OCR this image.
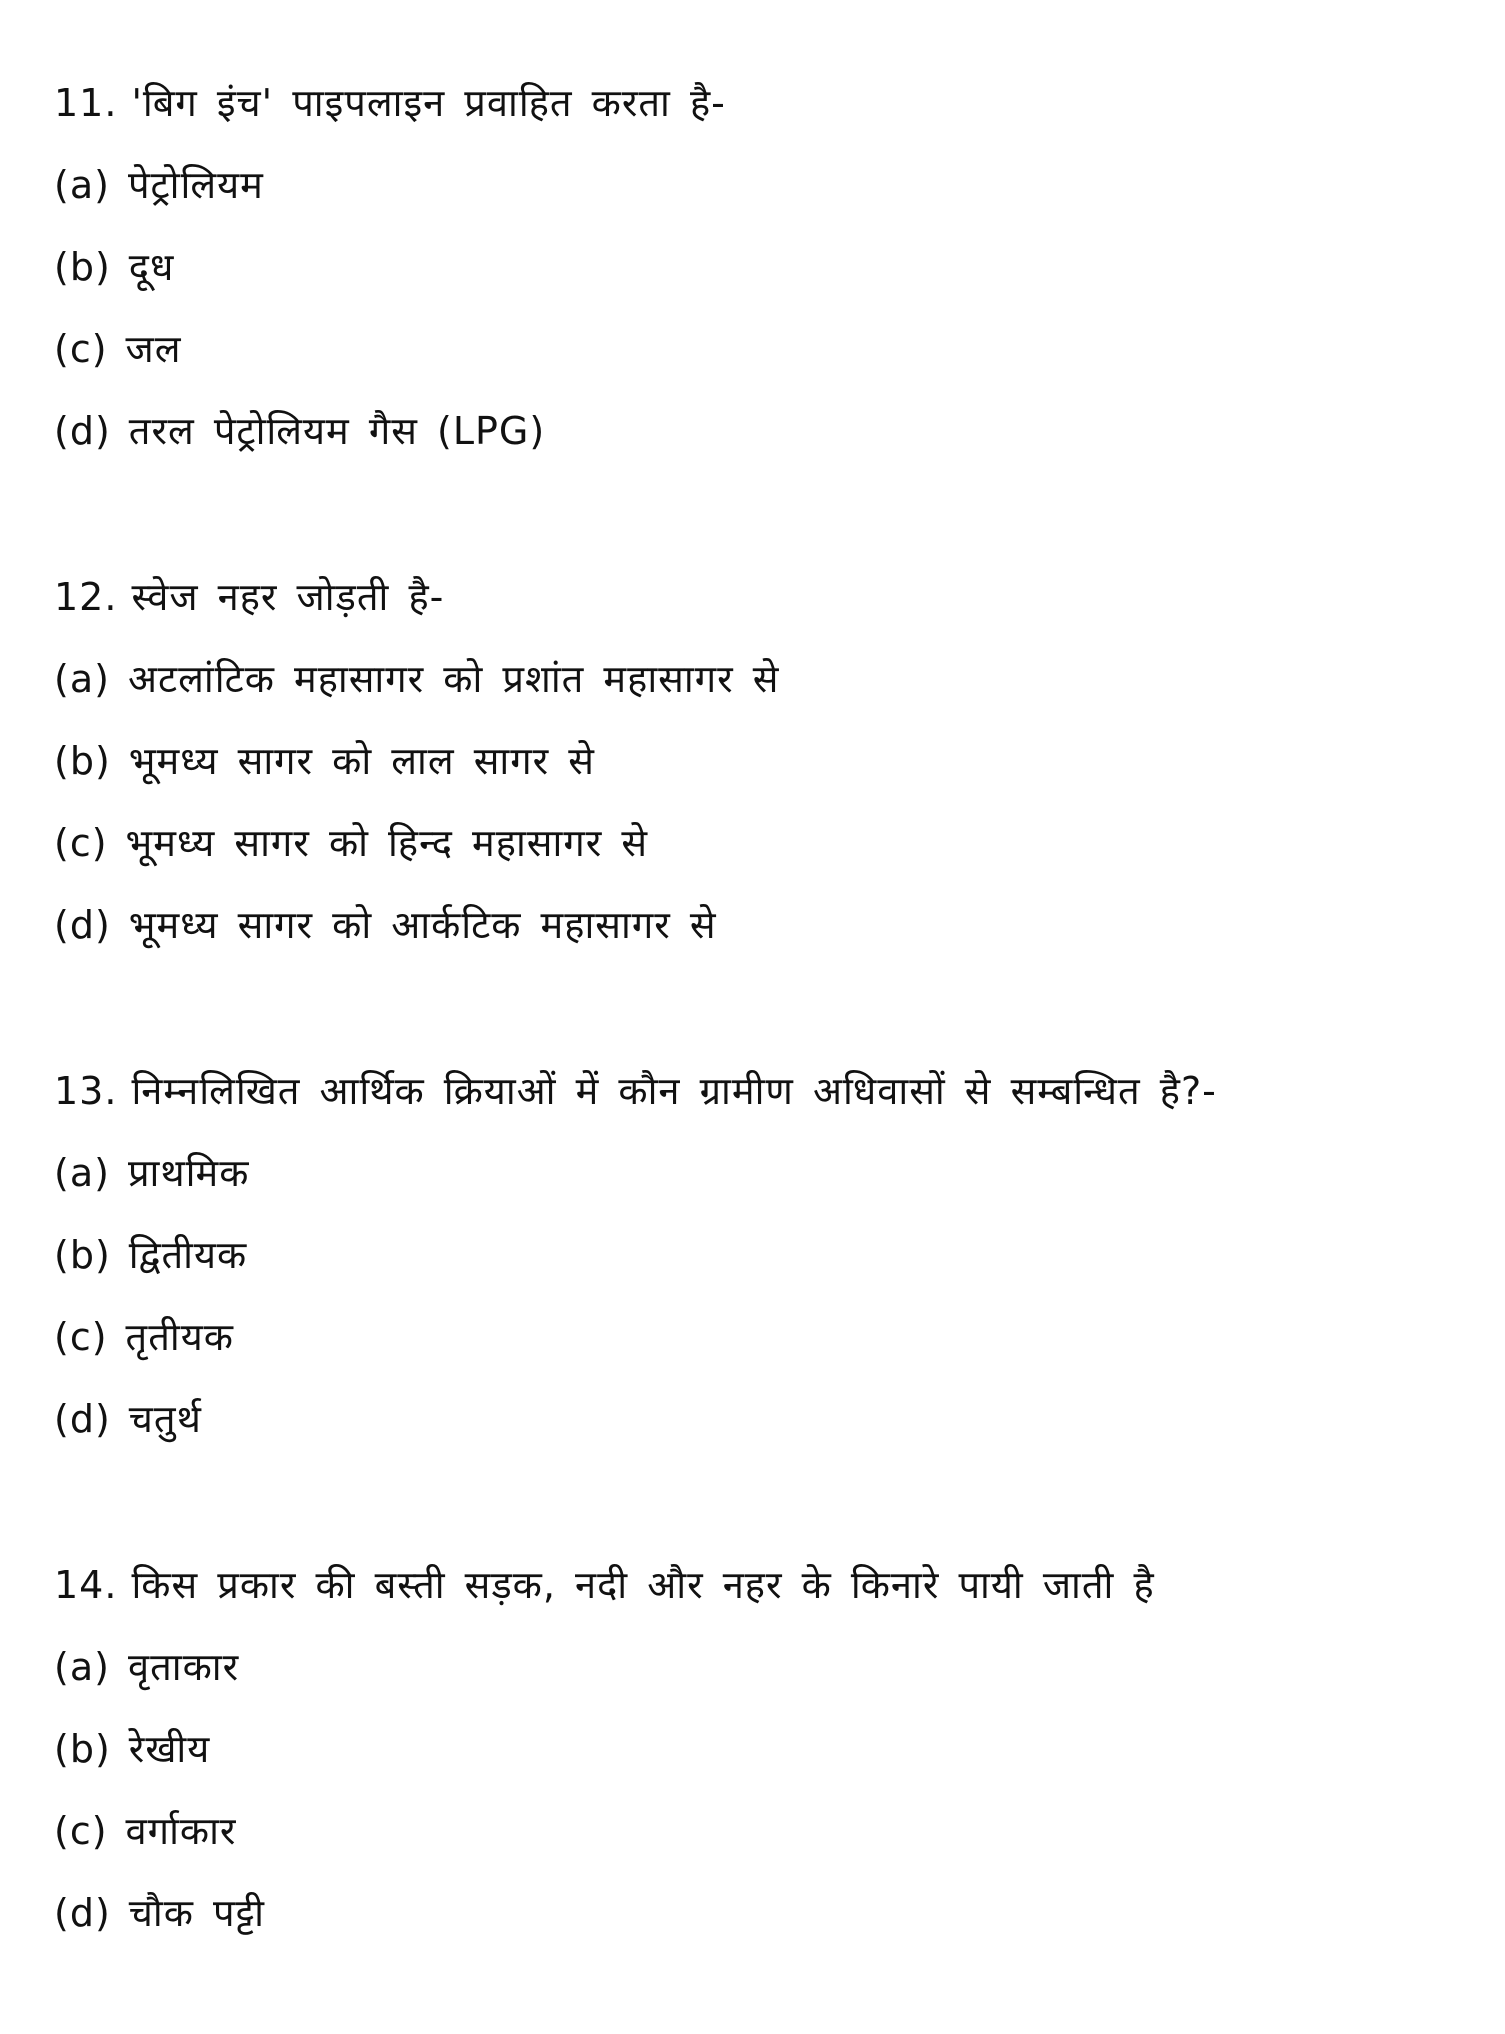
11. 'बिग इंच' पाइपलाइन प्रवाहित करता है-
(a) पेट्रोलियम
(b) दूध
(c) जल
(d) तरल पेट्रोलियम गैस (LPG)
12. स्वेज नहर जोड़ती है-
(a) अटलांटिक महासागर को प्रशांत महासागर से
(b) भूमध्य सागर को लाल सागर से
(c) भूमध्य सागर को हिन्द महासागर से
(d) भूमध्य सागर को आर्कटिक महासागर से
13. निम्नलिखित आर्थिक क्रियाओं में कौन ग्रामीण अधिवासों से सम्बन्धित है?-
(a) प्राथमिक
(b) द्वितीयक
(c) तृतीयक
(d) चतुर्थ
14. किस प्रकार की बस्ती सड़क, नदी और नहर के किनारे पायी जाती है
(a) वृताकार
(b) रेखीय
(c) वर्गाकार
(d) चौक पट्टी
